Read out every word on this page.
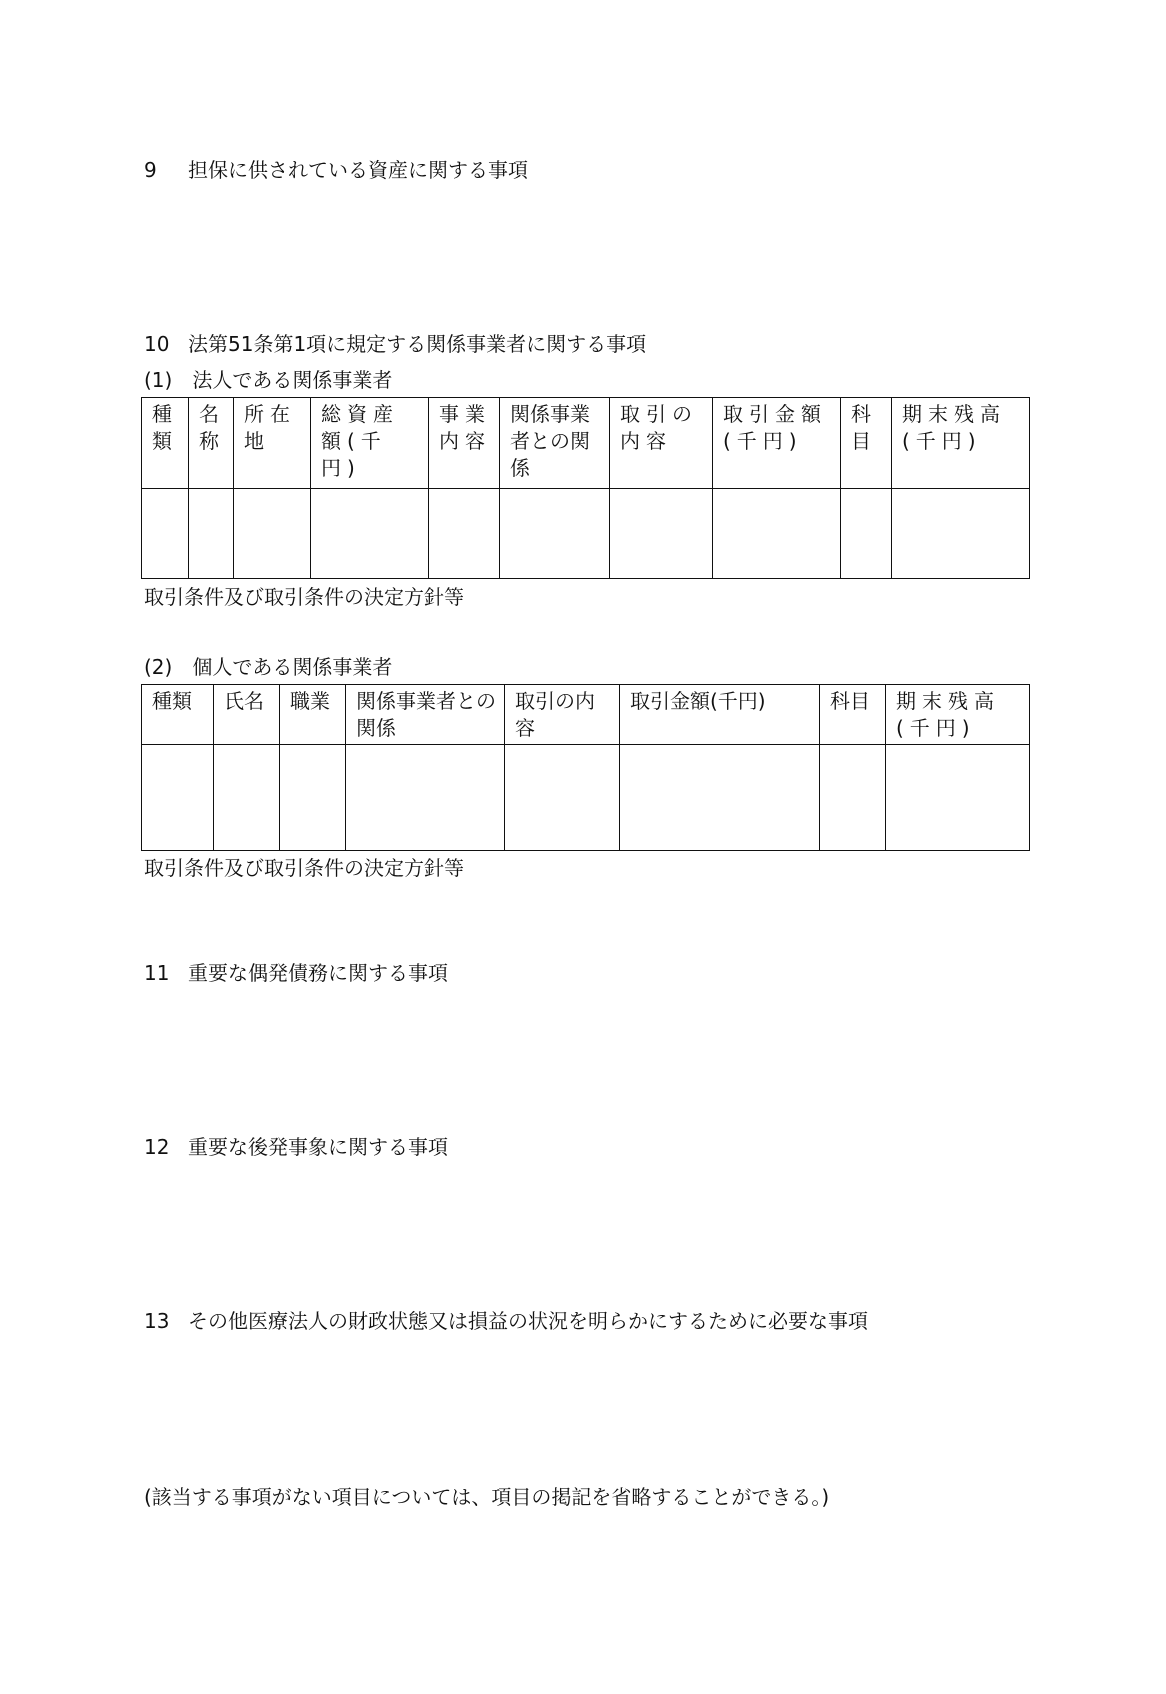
9 担保に供されている資産に関する事項
10 法第51条第1項に規定する関係事業者に関する事項
(1)　法人である関係事業者
種類	名称	所在地	総資産額(千円)	事業内容	関係事業者との関係	取引の内容	取引金額(千円)	科目	期末残高(千円)

取引条件及び取引条件の決定方針等
(2)　個人である関係事業者
種類	氏名	職業	関係事業者との関係	取引の内容	取引金額(千円)	科目	期末残高(千円)

取引条件及び取引条件の決定方針等
11 重要な偶発債務に関する事項
12 重要な後発事象に関する事項
13 その他医療法人の財政状態又は損益の状況を明らかにするために必要な事項
(該当する事項がない項目については、項目の掲記を省略することができる。)
